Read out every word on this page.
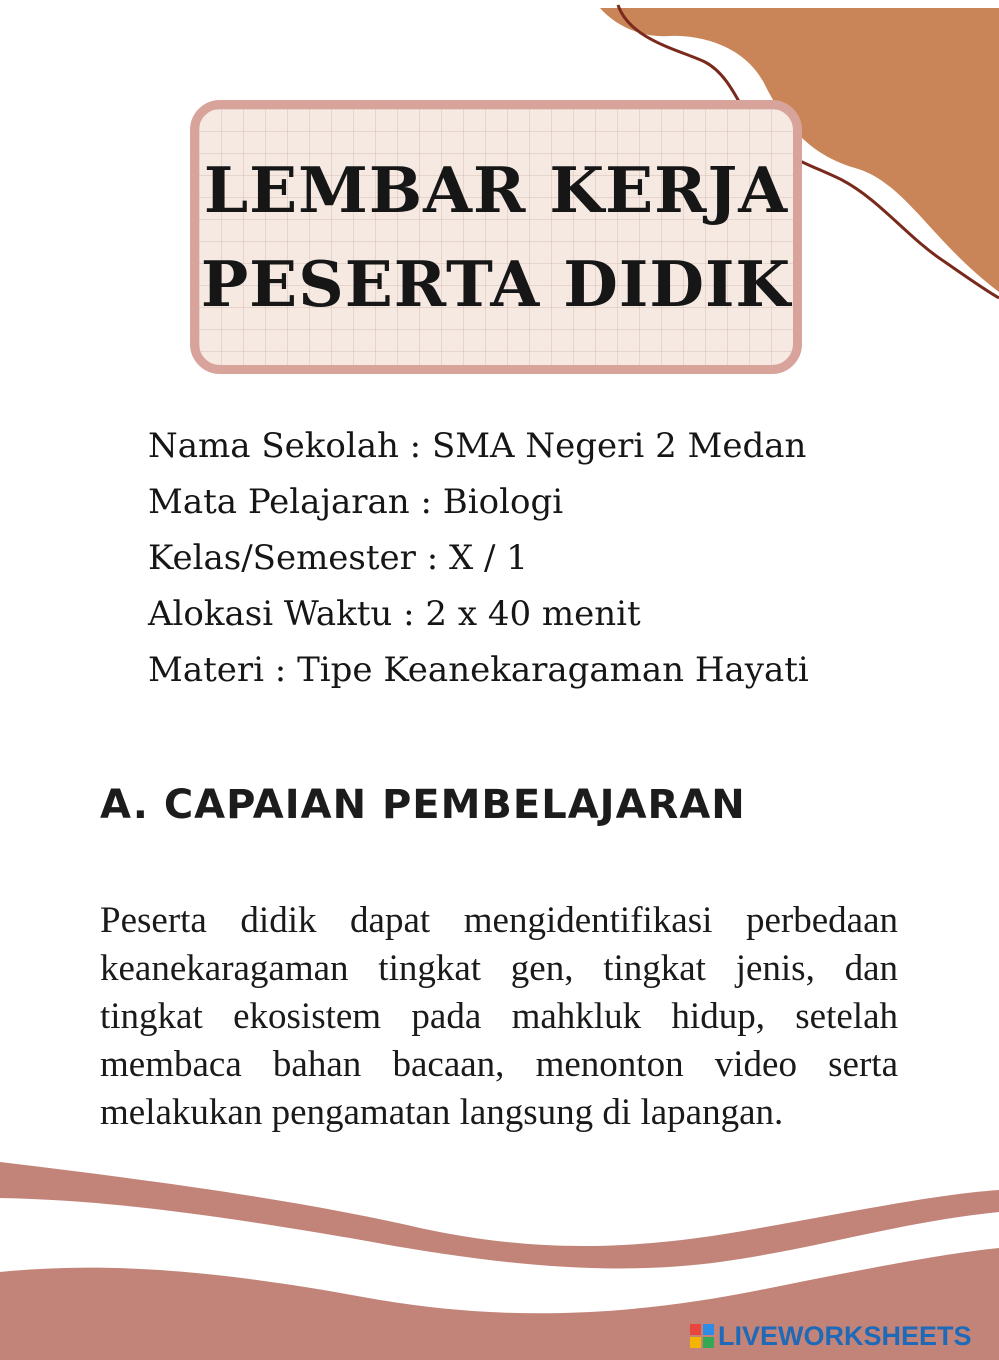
LEMBAR KERJA
PESERTA DIDIK
Nama Sekolah : SMA Negeri 2 Medan
Mata Pelajaran : Biologi
Kelas/Semester : X / 1
Alokasi Waktu : 2 x 40 menit
Materi : Tipe Keanekaragaman Hayati
A. CAPAIAN PEMBELAJARAN

Peserta didik dapat mengidentifikasi perbedaan keanekaragaman tingkat gen, tingkat jenis, dan tingkat ekosistem pada mahkluk hidup, setelah membaca bahan bacaan, menonton video serta melakukan pengamatan langsung di lapangan.

LIVEWORKSHEETS
